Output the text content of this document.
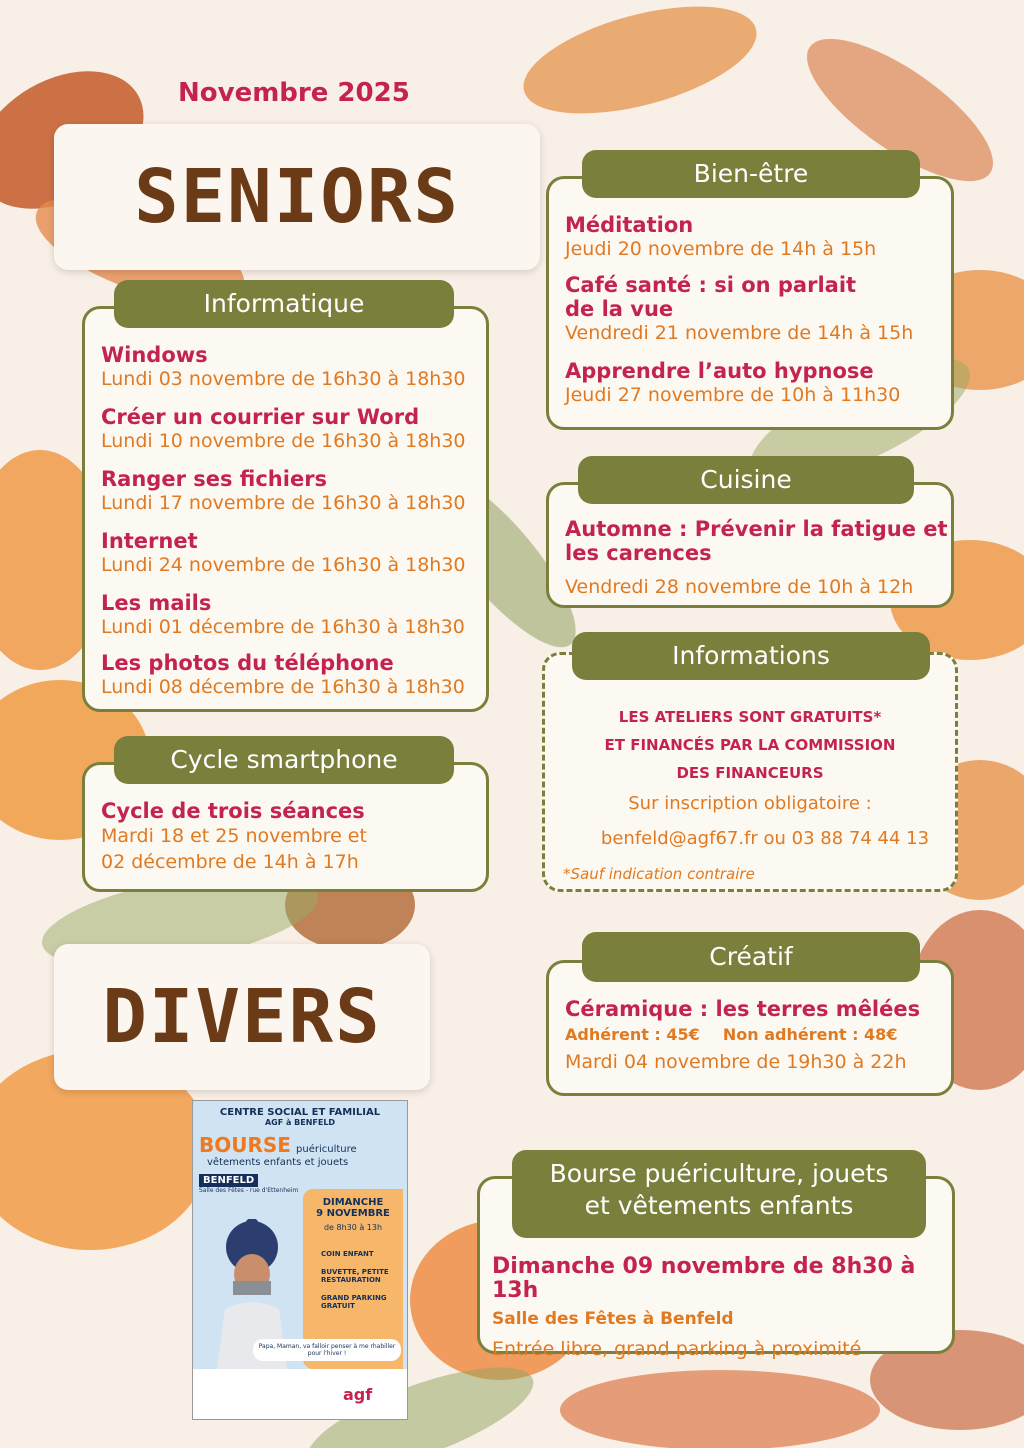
Novembre 2025
SENIORS
Windows
Lundi 03 novembre de 16h30 à 18h30
Créer un courrier sur Word
Lundi 10 novembre de 16h30 à 18h30
Ranger ses fichiers
Lundi 17 novembre de 16h30 à 18h30
Internet
Lundi 24 novembre de 16h30 à 18h30
Les mails
Lundi 01 décembre de 16h30 à 18h30
Les photos du téléphone
Lundi 08 décembre de 16h30 à 18h30
Informatique
Cycle de trois séances
Mardi 18 et 25 novembre et
02 décembre de 14h à 17h
Cycle smartphone
Méditation
Jeudi 20 novembre de 14h à 15h
Café santé : si on parlait
de la vue
Vendredi 21 novembre de 14h à 15h
Apprendre l’auto hypnose
Jeudi 27 novembre de 10h à 11h30
Bien-être
Automne : Prévenir la fatigue et
les carences
Vendredi 28 novembre de 10h à 12h
Cuisine
LES ATELIERS SONT GRATUITS*
ET FINANCÉS PAR LA COMMISSION
DES FINANCEURS
Sur inscription obligatoire :
benfeld@agf67.fr ou 03 88 74 44 13
*Sauf indication contraire
Informations
Céramique : les terres mêlées
Adhérent : 45€ Non adhérent : 48€
Mardi 04 novembre de 19h30 à 22h
Créatif
DIVERS
Dimanche 09 novembre de 8h30 à 13h
Salle des Fêtes à Benfeld
Entrée libre, grand parking à proximité
Bourse puériculture, jouets
et vêtements enfants
CENTRE SOCIAL ET FAMILIAL
AGF à BENFELD
BOURSE puériculture
vêtements enfants et jouets
BENFELD
Salle des Fêtes - rue d'Ettenheim
DIMANCHE
9 NOVEMBRE
de 8h30 à 13h
COIN ENFANT
BUVETTE, PETITE RESTAURATION
GRAND PARKING GRATUIT
Papa, Maman, va falloir penser à me rhabiller pour l'hiver !
agf
